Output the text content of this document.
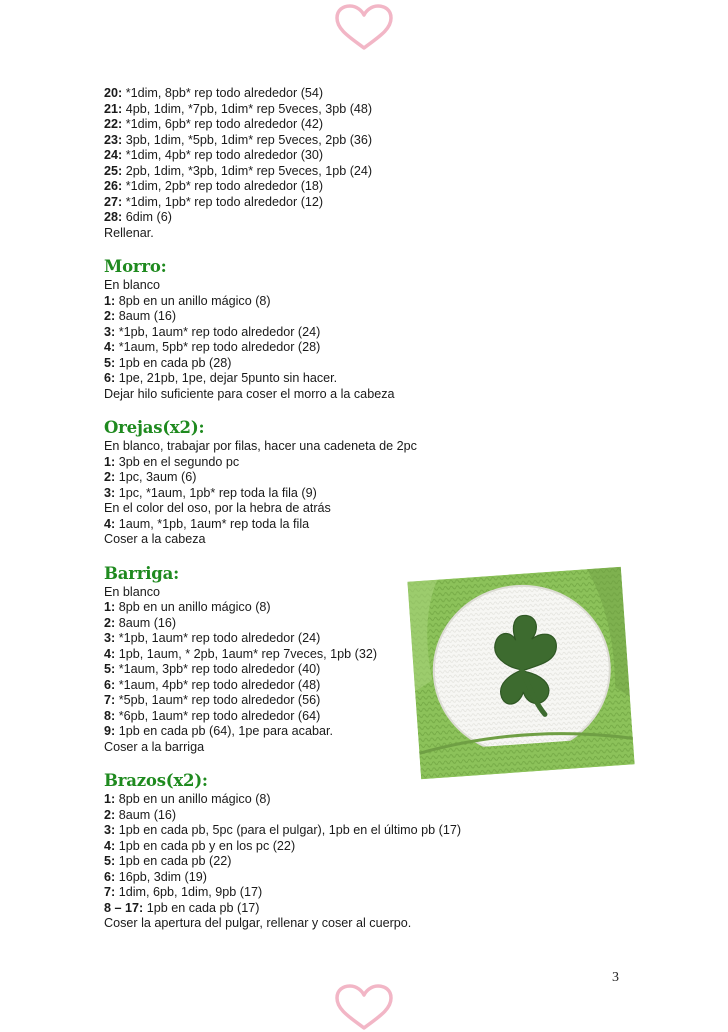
20: *1dim, 8pb* rep todo alrededor (54)
21: 4pb, 1dim, *7pb, 1dim* rep 5veces, 3pb (48)
22: *1dim, 6pb* rep todo alrededor (42)
23: 3pb, 1dim, *5pb, 1dim* rep 5veces, 2pb (36)
24: *1dim, 4pb* rep todo alrededor (30)
25: 2pb, 1dim, *3pb, 1dim* rep 5veces, 1pb (24)
26: *1dim, 2pb* rep todo alrededor (18)
27: *1dim, 1pb* rep todo alrededor (12)
28: 6dim (6)
Rellenar.
Morro:
En blanco
1: 8pb en un anillo mágico (8)
2: 8aum (16)
3: *1pb, 1aum* rep todo alrededor (24)
4: *1aum, 5pb* rep todo alrededor (28)
5: 1pb en cada pb (28)
6: 1pe, 21pb, 1pe, dejar 5punto sin hacer.
Dejar hilo suficiente para coser el morro a la cabeza
Orejas(x2):
En blanco, trabajar por filas, hacer una cadeneta de 2pc
1: 3pb en el segundo pc
2: 1pc, 3aum (6)
3: 1pc, *1aum, 1pb* rep toda la fila (9)
En el color del oso, por la hebra de atrás
4: 1aum, *1pb, 1aum* rep toda la fila
Coser a la cabeza
Barriga:
En blanco
1: 8pb en un anillo mágico (8)
2: 8aum (16)
3: *1pb, 1aum* rep todo alrededor (24)
4: 1pb, 1aum, * 2pb, 1aum* rep 7veces, 1pb (32)
5: *1aum, 3pb* rep todo alrededor (40)
6: *1aum, 4pb* rep todo alrededor (48)
7: *5pb, 1aum* rep todo alrededor (56)
8: *6pb, 1aum* rep todo alrededor (64)
9: 1pb en cada pb (64), 1pe para acabar.
Coser a la barriga
Brazos(x2):
1: 8pb en un anillo mágico (8)
2: 8aum (16)
3: 1pb en cada pb, 5pc (para el pulgar), 1pb en el último pb (17)
4: 1pb en cada pb y en los pc (22)
5: 1pb en cada pb (22)
6: 16pb, 3dim (19)
7: 1dim, 6pb, 1dim, 9pb (17)
8 – 17: 1pb en cada pb (17)
Coser la apertura del pulgar, rellenar y coser al cuerpo.
3
